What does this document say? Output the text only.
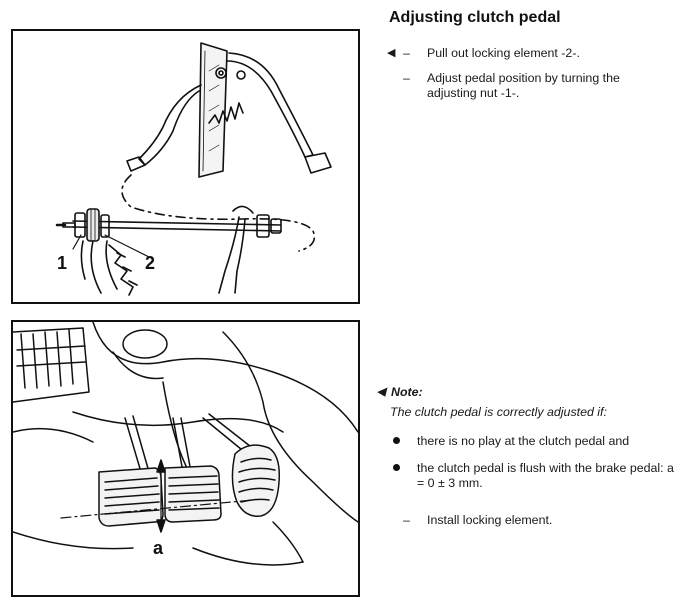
1	2
a
Adjusting clutch pedal
◀ –	Pull out locking element -2-.
–	Adjust pedal position by turning the adjusting nut -1-.
◀ Note:
The clutch pedal is correctly adjusted if:
there is no play at the clutch pedal and
the clutch pedal is flush with the brake pedal: a = 0 ± 3 mm.
–	Install locking element.
